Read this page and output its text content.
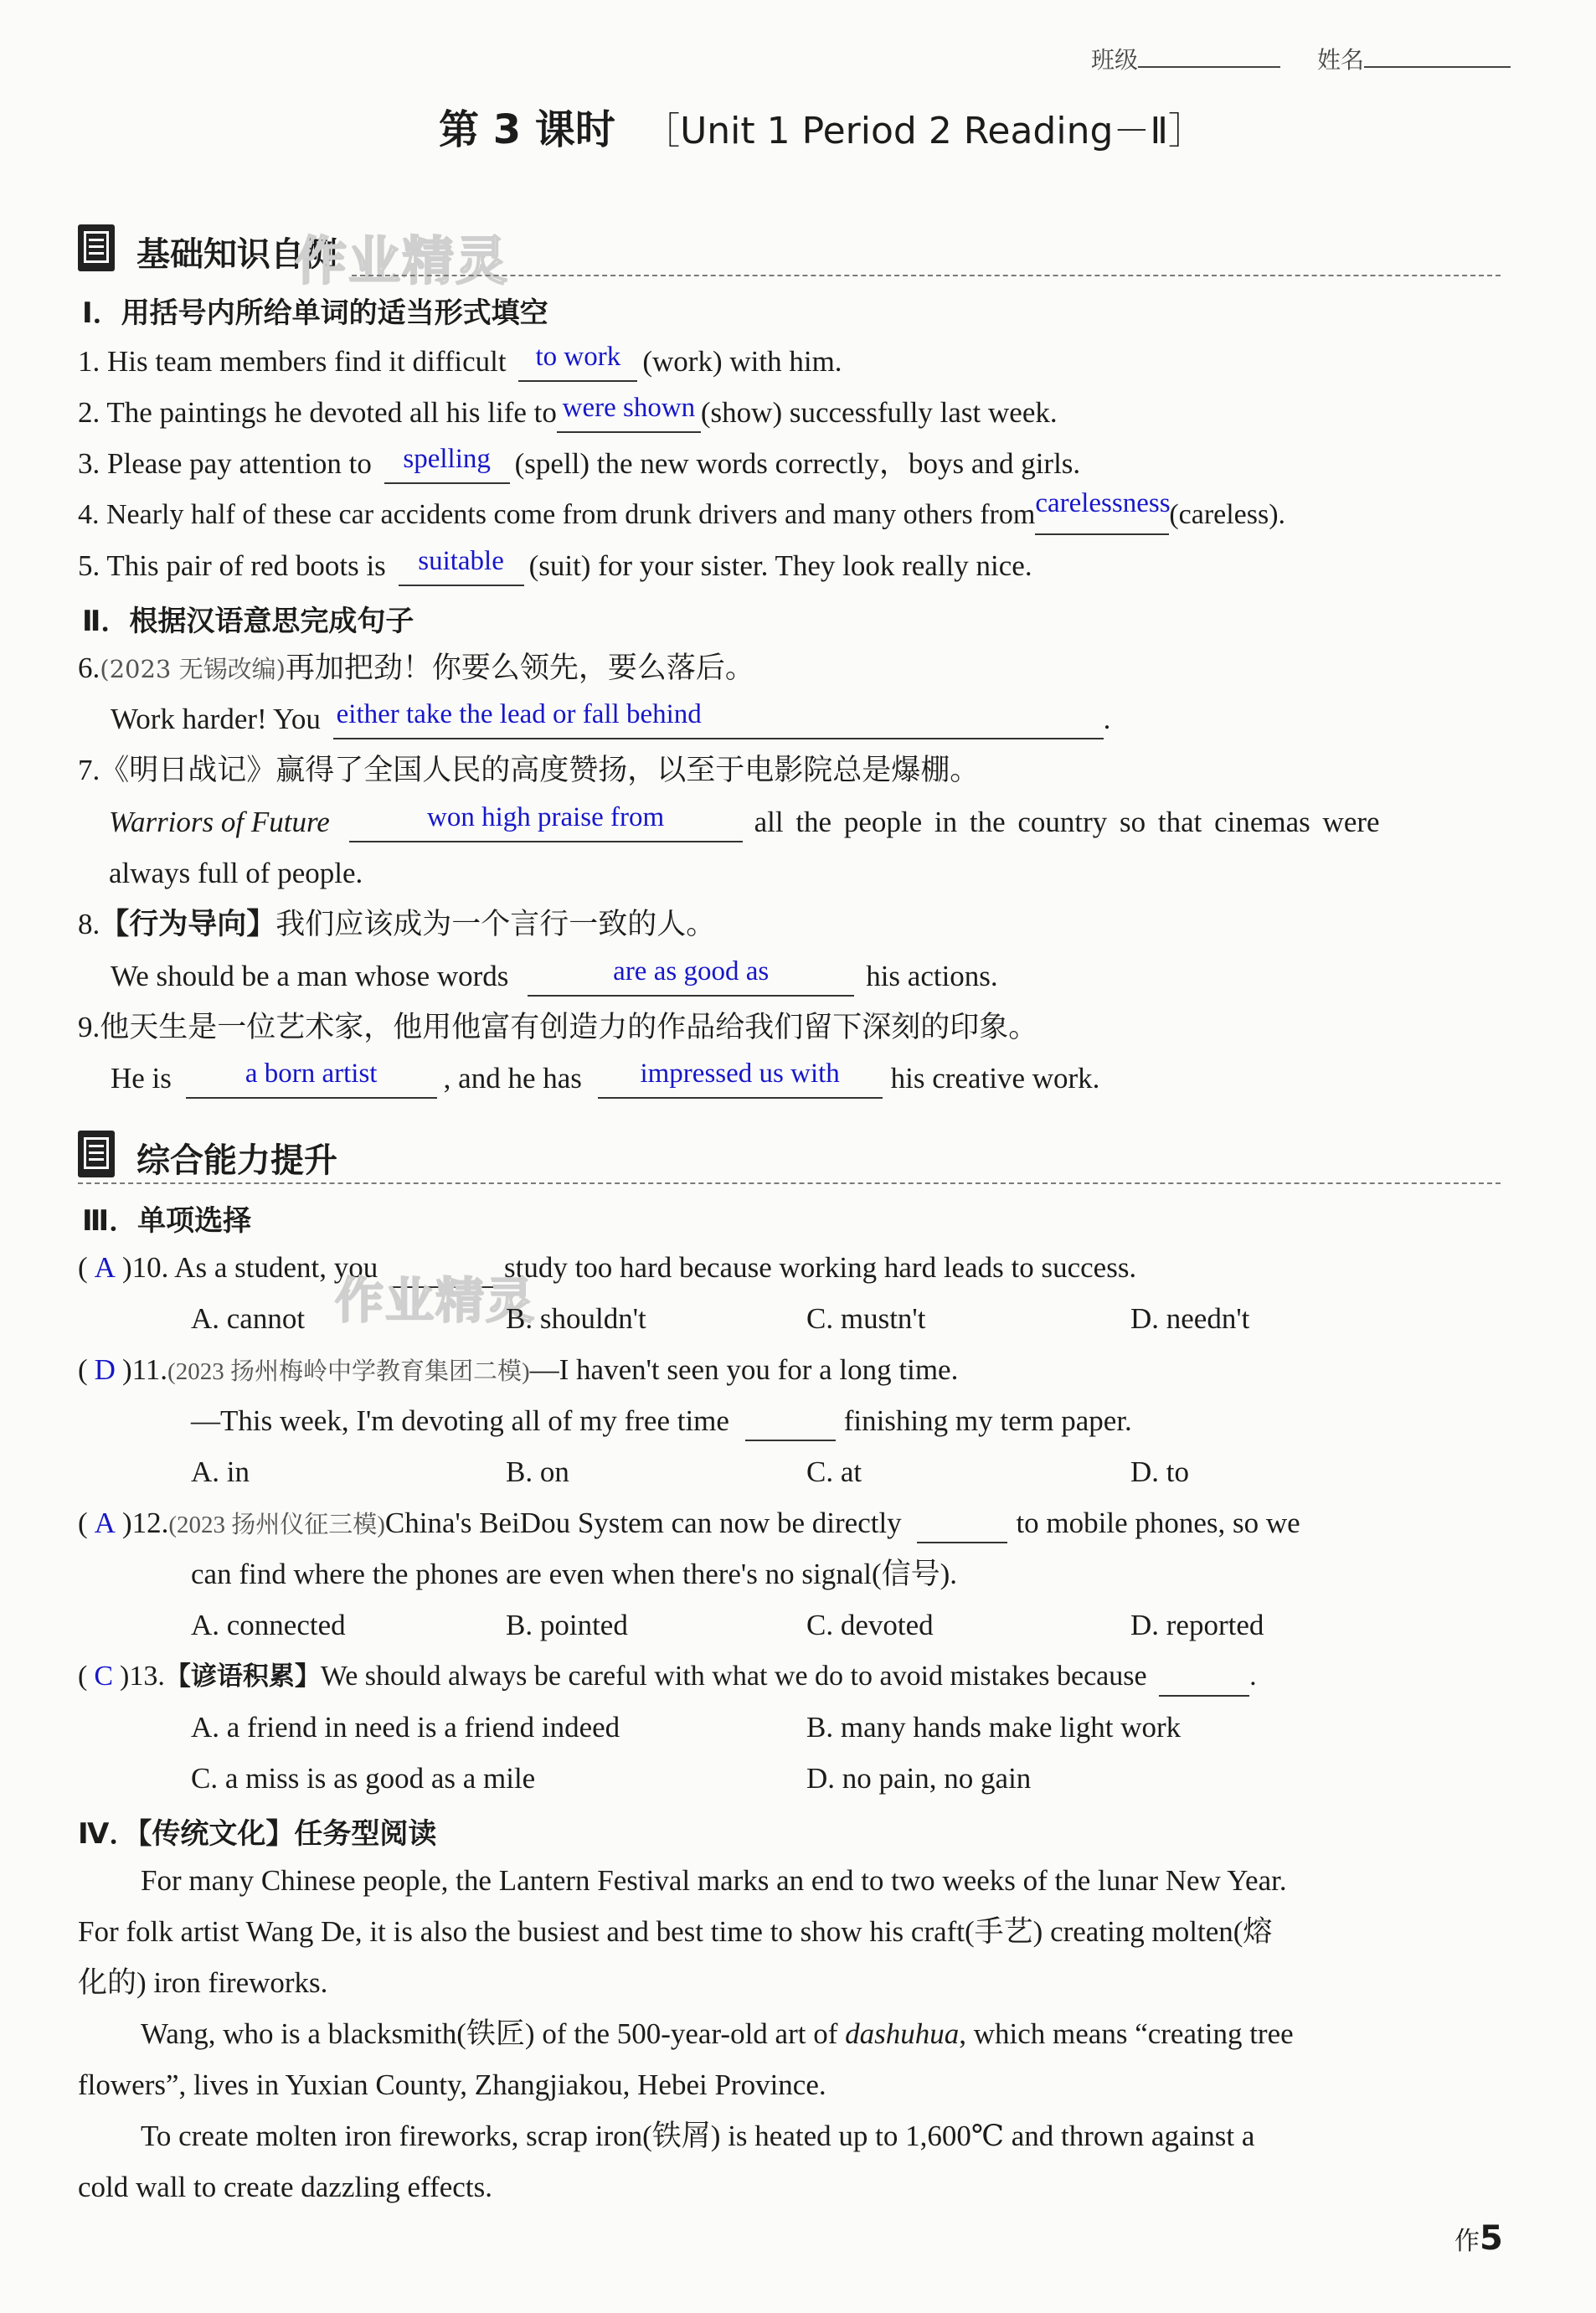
班级	姓名
第 3 课时 ［Unit 1 Period 2 Reading－Ⅱ］
基础知识自测
作业精灵
Ⅰ．用括号内所给单词的适当形式填空
1. His team members find it difficult	to work (work) with him.
2. The paintings he devoted all his life to were shown (show) successfully last week.
3. Please pay attention to	spelling (spell) the new words correctly，boys and girls.
4. Nearly half of these car accidents come from drunk drivers and many others from carelessness
(careless).
5. This pair of red boots is	suitable (suit) for your sister. They look really nice.
Ⅱ．根据汉语意思完成句子
6.(2023 无锡改编)再加把劲！你要么领先，要么落后。
Work harder! You either take the lead or fall behind	.
7.《明日战记》赢得了全国人民的高度赞扬，以至于电影院总是爆棚。
Warriors of Future	won high praise from	all the people in the country so that cinemas were
always full of people.
8.【行为导向】我们应该成为一个言行一致的人。
We should be a man whose words	are as good as	his actions.
9.他天生是一位艺术家，他用他富有创造力的作品给我们留下深刻的印象。
He is	a born artist	, and he has	impressed us with	his creative work.
综合能力提升
Ⅲ．单项选择
( A )10. As a student, you	study too hard because working hard leads to success.
作业精灵
A. cannot	B. shouldn't	C. mustn't	D. needn't
( D )11.(2023 扬州梅岭中学教育集团二模)—I haven't seen you for a long time.
—This week, I'm devoting all of my free time	finishing my term paper.
A. in	B. on	C. at	D. to
( A )12.(2023 扬州仪征三模)China's BeiDou System can now be directly	to mobile phones, so we
can find where the phones are even when there's no signal(信号).
A. connected	B. pointed	C. devoted	D. reported
( C )13.【谚语积累】We should always be careful with what we do to avoid mistakes because	.
A. a friend in need is a friend indeed	B. many hands make light work
C. a miss is as good as a mile	D. no pain, no gain
Ⅳ．【传统文化】任务型阅读
For many Chinese people, the Lantern Festival marks an end to two weeks of the lunar New Year.
For folk artist Wang De, it is also the busiest and best time to show his craft(手艺) creating molten(熔
化的) iron fireworks.
Wang, who is a blacksmith(铁匠) of the 500-year-old art of dashuhua, which means “creating tree
flowers”, lives in Yuxian County, Zhangjiakou, Hebei Province.
To create molten iron fireworks, scrap iron(铁屑) is heated up to 1,600℃ and thrown against a
cold wall to create dazzling effects.
作5
